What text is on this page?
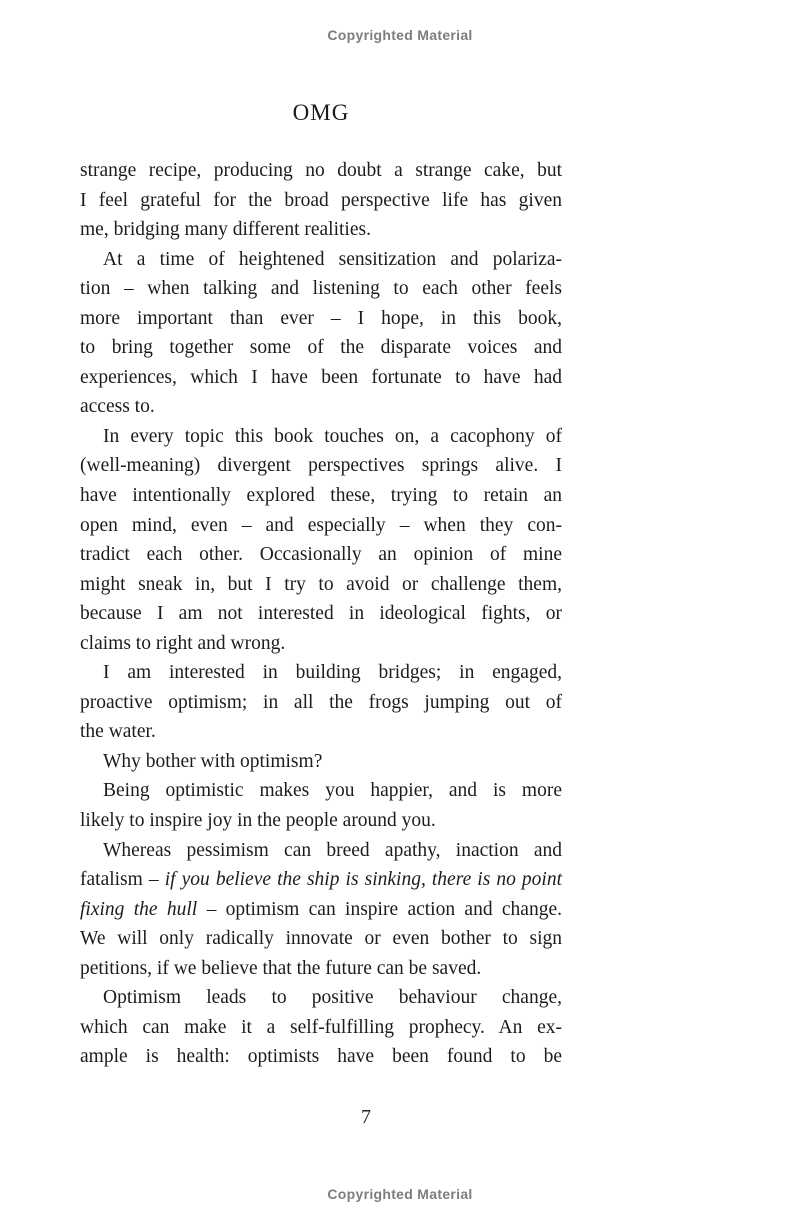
Copyrighted Material
OMG
strange recipe, producing no doubt a strange cake, but
I feel grateful for the broad perspective life has given
me, bridging many different realities.
At a time of heightened sensitization and polariza-
tion – when talking and listening to each other feels
more important than ever – I hope, in this book,
to bring together some of the disparate voices and
experiences, which I have been fortunate to have had
access to.
In every topic this book touches on, a cacophony of
(well-meaning) divergent perspectives springs alive. I
have intentionally explored these, trying to retain an
open mind, even – and especially – when they con-
tradict each other. Occasionally an opinion of mine
might sneak in, but I try to avoid or challenge them,
because I am not interested in ideological fights, or
claims to right and wrong.
I am interested in building bridges; in engaged,
proactive optimism; in all the frogs jumping out of
the water.
Why bother with optimism?
Being optimistic makes you happier, and is more
likely to inspire joy in the people around you.
Whereas pessimism can breed apathy, inaction and
fatalism – if you believe the ship is sinking, there is no point
fixing the hull – optimism can inspire action and change.
We will only radically innovate or even bother to sign
petitions, if we believe that the future can be saved.
Optimism leads to positive behaviour change,
which can make it a self-fulfilling prophecy. An ex-
ample is health: optimists have been found to be
7
Copyrighted Material
